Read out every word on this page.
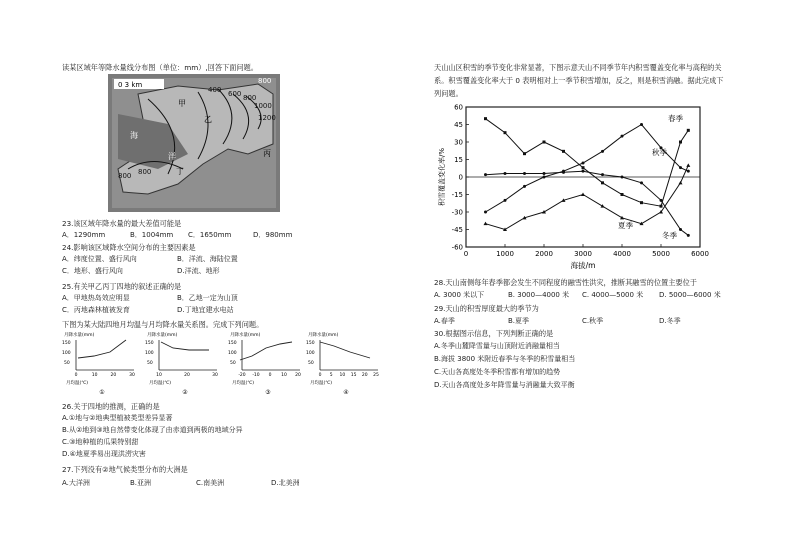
读某区域年等降水量线分布图（单位：mm）,回答下面问题。
0 3 km	800
400 600 800
1000
1200
800
800
甲
乙
丙
丁
海
洋
23.该区域年降水量的最大差值可能是
A．1290mm	B．1004mm C．1650mm	D．980mm
24.影响该区域降水空间分布的主要因素是
A．纬度位置、盛行风向	B．洋流、海陆位置
C．地形、盛行风向	D.洋流、地形
25.有关甲乙丙丁四地的叙述正确的是
A．甲地热岛效应明显	B．乙地一定为山顶
C．丙地森林植被发育	D.丁地宜建水电站
下图为某大陆四地月均温与月均降水量关系图。完成下列问题。
月降水量(mm)
150
100
50
0	10	20	30
月均温(℃)
①
月降水量(mm)
150
100
50
10	20	30
月均温(℃)
②
月降水量(mm)
150
100
50
-20 -10 0 10 20
月均温(℃)
③
月降水量(mm)
150
100
50
0 5 10 15 20 25
月均温(℃)
④
26.关于四地的推测，正确的是
A.①地与②地典型植被类型差异显著
B.从②地到③地自然带变化体现了由赤道到两极的地域分异
C.③地种植的瓜果特别甜
D.④地夏季易出现洪涝灾害
27.下列没有②地气候类型分布的大洲是
A.大洋洲	B.亚洲	C.南美洲	D.北美洲
天山山区积雪的季节变化非常显著，下图示意天山不同季节年内积雪覆盖变化率与高程的关
系。积雪覆盖变化率大于 0 表明相对上一季节积雪增加，反之，则是积雪消融。据此完成下
列问题。
积雪覆盖变化率/%
海拔/m
60
45
30
15
0
-15
-30
-45
-60
0	1000	2000	3000	4000	5000	6000
春季
秋季
夏季
冬季
28.天山南侧每年春季都会发生不同程度的融雪性洪灾，推断其融雪的位置主要位于
A. 3000 米以下	B. 3000—4000 米 C. 4000—5000 米 D. 5000—6000 米
29.天山的积雪厚度最大的季节为
A.春季	B.夏季	C.秋季	D.冬季
30.根据图示信息，下列判断正确的是
A.冬季山麓降雪量与山顶附近消融量相当
B.海拔 3800 米附近春季与冬季的积雪量相当
C.天山各高度处冬季积雪都有增加的趋势
D.天山各高度处多年降雪量与消融量大致平衡
